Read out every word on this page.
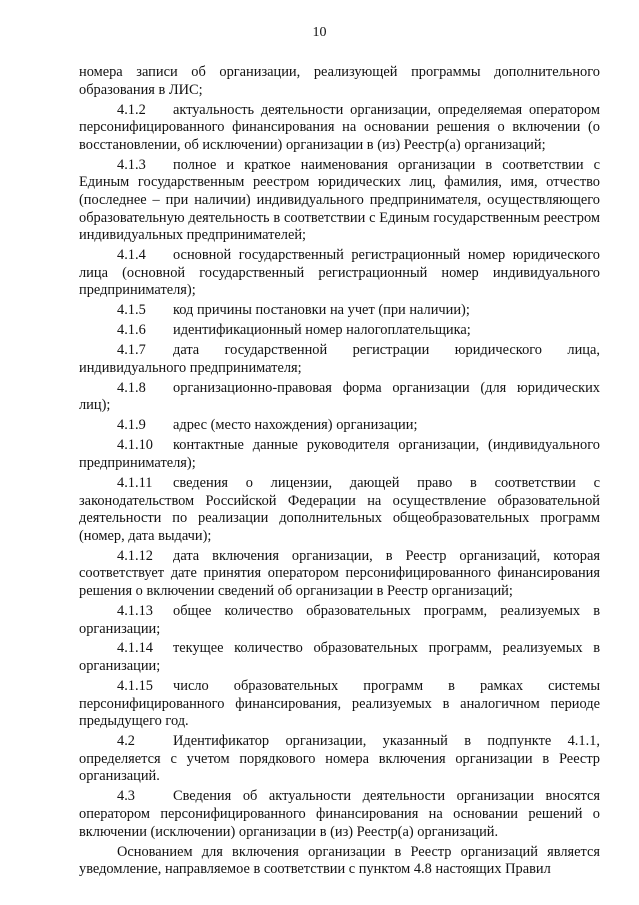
10

номера записи об организации, реализующей программы дополнительного образования в ЛИС;

4.1.2 актуальность деятельности организации, определяемая оператором персонифицированного финансирования на основании решения о включении (о восстановлении, об исключении) организации в (из) Реестр(а) организаций;

4.1.3 полное и краткое наименования организации в соответствии с Единым государственным реестром юридических лиц, фамилия, имя, отчество (последнее – при наличии) индивидуального предпринимателя, осуществляющего образовательную деятельность в соответствии с Единым государственным реестром индивидуальных предпринимателей;

4.1.4 основной государственный регистрационный номер юридического лица (основной государственный регистрационный номер индивидуального предпринимателя);

4.1.5 код причины постановки на учет (при наличии);

4.1.6 идентификационный номер налогоплательщика;

4.1.7 дата государственной регистрации юридического лица, индивидуального предпринимателя;

4.1.8 организационно-правовая форма организации (для юридических лиц);

4.1.9 адрес (место нахождения) организации;

4.1.10 контактные данные руководителя организации, (индивидуального предпринимателя);

4.1.11 сведения о лицензии, дающей право в соответствии с законодательством Российской Федерации на осуществление образовательной деятельности по реализации дополнительных общеобразовательных программ (номер, дата выдачи);

4.1.12 дата включения организации, в Реестр организаций, которая соответствует дате принятия оператором персонифицированного финансирования решения о включении сведений об организации в Реестр организаций;

4.1.13 общее количество образовательных программ, реализуемых в организации;

4.1.14 текущее количество образовательных программ, реализуемых в организации;

4.1.15 число образовательных программ в рамках системы персонифицированного финансирования, реализуемых в аналогичном периоде предыдущего год.

4.2	Идентификатор организации, указанный в подпункте 4.1.1, определяется с учетом порядкового номера включения организации в Реестр организаций.

4.3	Сведения об актуальности деятельности организации вносятся оператором персонифицированного финансирования на основании решений о включении (исключении) организации в (из) Реестр(а) организаций.

Основанием для включения организации в Реестр организаций является уведомление, направляемое в соответствии с пунктом 4.8 настоящих Правил
